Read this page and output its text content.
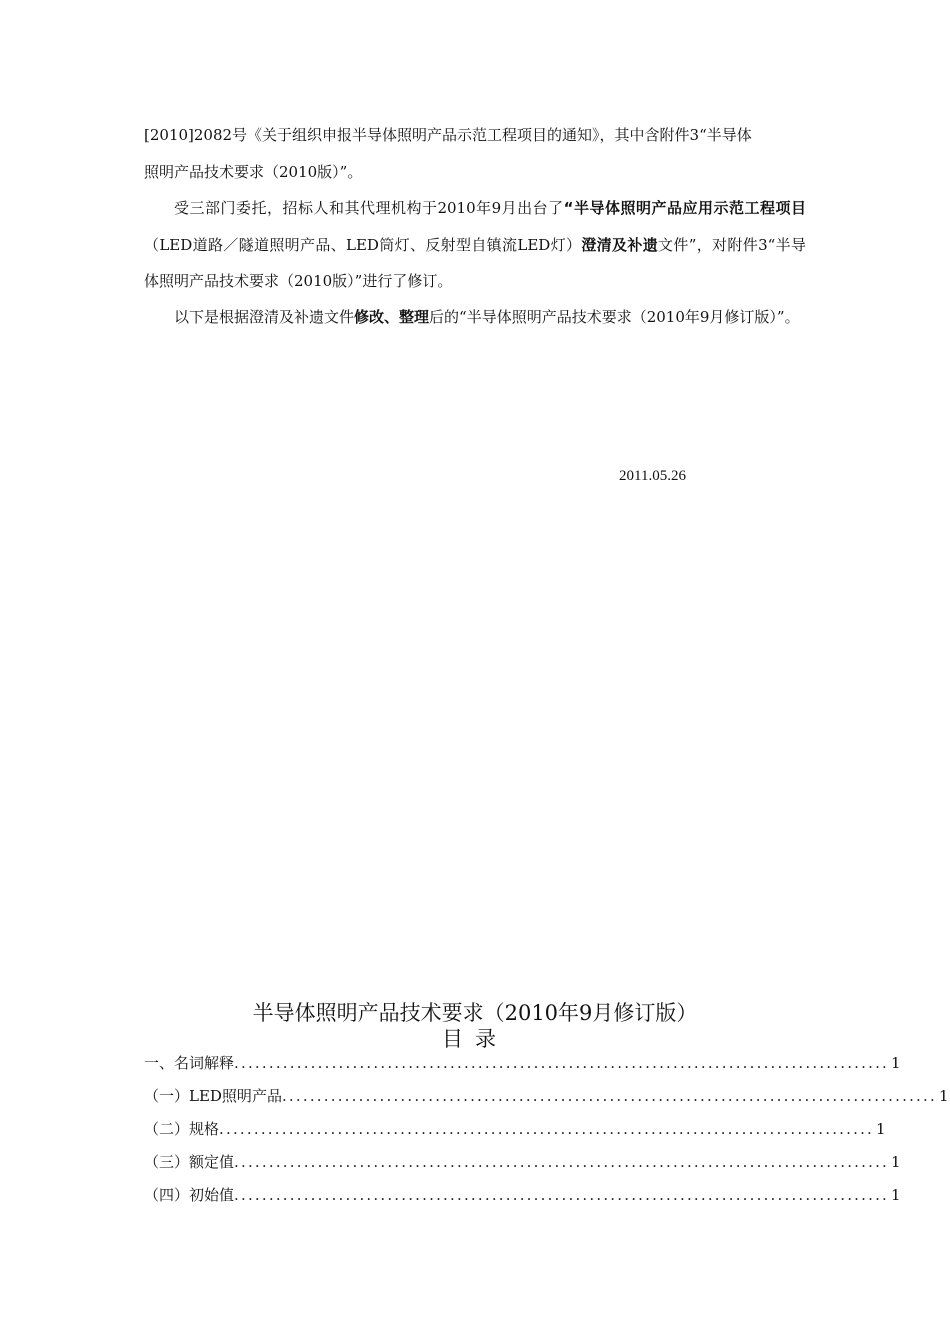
[2010]2082号《关于组织申报半导体照明产品示范工程项目的通知》，其中含附件3“半导体
照明产品技术要求（2010版）”。
受三部门委托，招标人和其代理机构于2010年9月出台了“半导体照明产品应用示范工程项目（LED道路／隧道照明产品、LED筒灯、反射型自镇流LED灯）澄清及补遗文件”，对附件3“半导体照明产品技术要求（2010版）”进行了修订。
以下是根据澄清及补遗文件修改、整理后的“半导体照明产品技术要求（2010年9月修订版）”。
2011.05.26
半导体照明产品技术要求（2010年9月修订版）
目录
一、名词解释 .............................................................................................. 1
（一）LED照明产品 .............................................................................................. 1
（二）规格 .............................................................................................. 1
（三）额定值 .............................................................................................. 1
（四）初始值 .............................................................................................. 1
